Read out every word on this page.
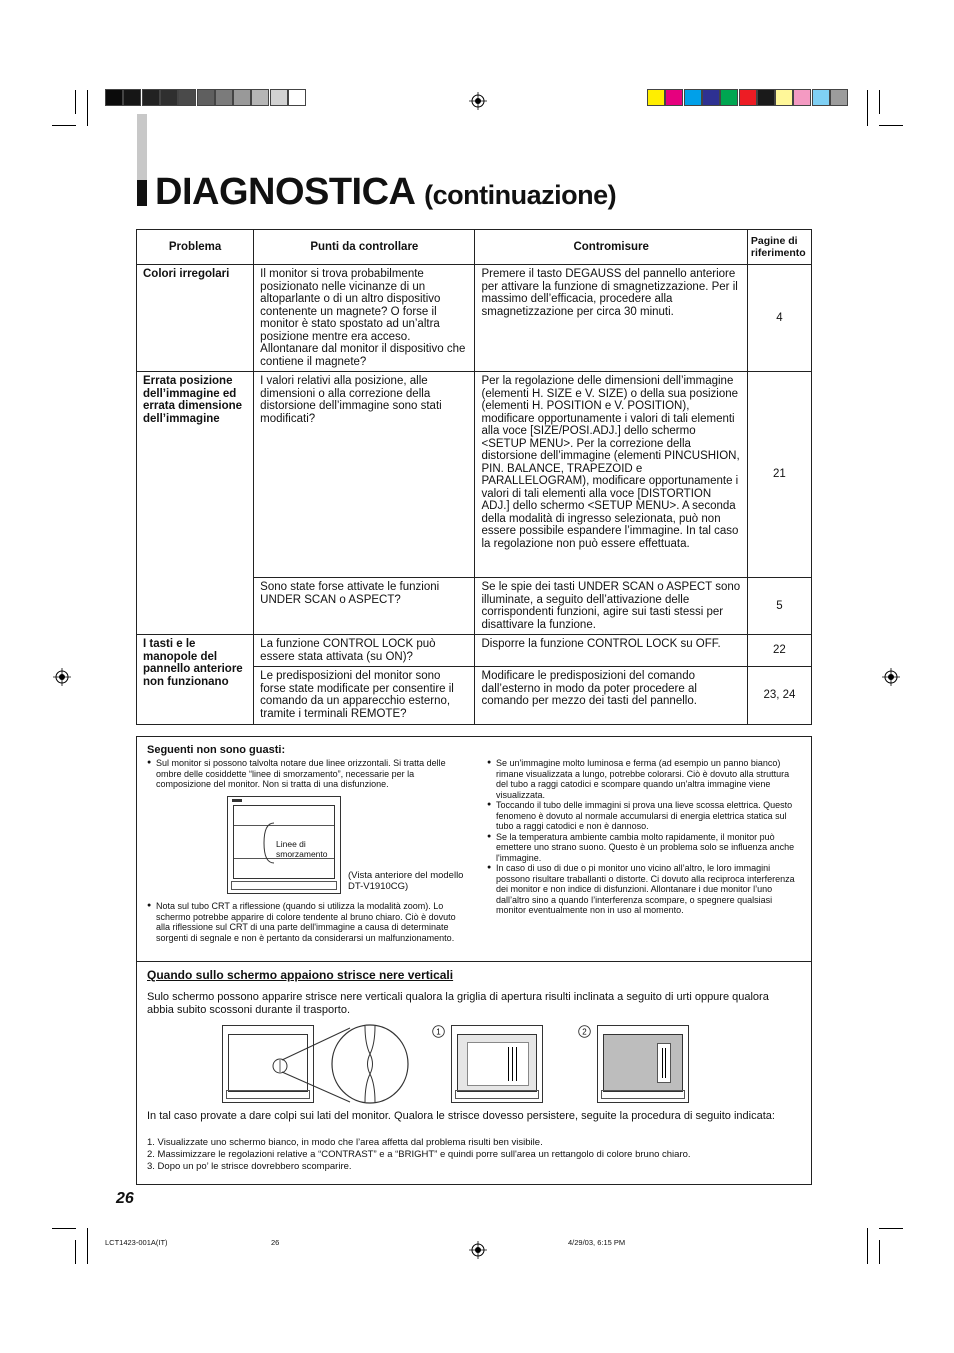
DIAGNOSTICA (continuazione)
Problema	Punti da controllare	Contromisure	Pagine di riferimento
Colori irregolari	Il monitor si trova probabilmente posizionato nelle vicinanze di un altoparlante o di un altro dispositivo contenente un magnete? O forse il monitor è stato spostato ad un’altra posizione mentre era acceso. Allontanare dal monitor il dispositivo che contiene il magnete?	Premere il tasto DEGAUSS del pannello anteriore per attivare la funzione di smagnetizzazione. Per il massimo dell’efficacia, procedere alla smagnetizzazione per circa 30 minuti.	4
Errata posizione dell’immagine ed errata dimensione dell’immagine	I valori relativi alla posizione, alle dimensioni o alla correzione della distorsione dell’immagine sono stati modificati?	Per la regolazione delle dimensioni dell’immagine (elementi H. SIZE e V. SIZE) o della sua posizione (elementi H. POSITION e V. POSITION), modificare opportunamente i valori di tali elementi alla voce [SIZE/POSI.ADJ.] dello schermo <SETUP MENU>. Per la correzione della distorsione dell’immagine (elementi PINCUSHION, PIN. BALANCE, TRAPEZOID e PARALLELOGRAM), modificare opportunamente i valori di tali elementi alla voce [DISTORTION ADJ.] dello schermo <SETUP MENU>. A seconda della modalità di ingresso selezionata, può non essere possibile espandere l’immagine. In tal caso la regolazione non può essere effettuata.	21
	Sono state forse attivate le funzioni UNDER SCAN o ASPECT?	Se le spie dei tasti UNDER SCAN o ASPECT sono illuminate, a seguito dell’attivazione delle corrispondenti funzioni, agire sui tasti stessi per disattivare la funzione.	5
I tasti e le manopole del pannello anteriore non funzionano	La funzione CONTROL LOCK può essere stata attivata (su ON)?	Disporre la funzione CONTROL LOCK su OFF.	22
	Le predisposizioni del monitor sono forse state modificate per consentire il comando da un apparecchio esterno, tramite i terminali REMOTE?	Modificare le predisposizioni del comando dall’esterno in modo da poter procedere al comando per mezzo dei tasti del pannello.	23, 24
Seguenti non sono guasti:
● Sul monitor si possono talvolta notare due linee orizzontali. Si tratta delle ombre delle cosiddette “linee di smorzamento”, necessarie per la composizione del monitor. Non si tratta di una disfunzione.
● Nota sul tubo CRT a riflessione (quando si utilizza la modalità zoom). Lo schermo potrebbe apparire di colore tendente al bruno chiaro. Ciò è dovuto alla riflessione sul CRT di una parte dell'immagine a causa di determinate sorgenti di segnale e non è pertanto da considerarsi un malfunzionamento.
Linee di smorzamento
(Vista anteriore del modello DT-V1910CG)
● Se un'immagine molto luminosa e ferma (ad esempio un panno bianco) rimane visualizzata a lungo, potrebbe colorarsi. Ciò è dovuto alla struttura del tubo a raggi catodici e scompare quando un'altra immagine viene visualizzata.
● Toccando il tubo delle immagini si prova una lieve scossa elettrica. Questo fenomeno è dovuto al normale accumularsi di energia elettrica statica sul tubo a raggi catodici e non è dannoso.
● Se la temperatura ambiente cambia molto rapidamente, il monitor può emettere uno strano suono. Questo è un problema solo se influenza anche l'immagine.
● In caso di uso di due o pi monitor uno vicino all’altro, le loro immagini possono risultare traballanti o distorte. Ci dovuto alla reciproca interferenza dei monitor e non indice di disfunzioni. Allontanare i due monitor l’uno dall’altro sino a quando l’interferenza scompare, o spegnere qualsiasi monitor eventualmente non in uso al momento.
Quando sullo schermo appaiono strisce nere verticali
Sulo schermo possono apparire strisce nere verticali qualora la griglia di apertura risulti inclinata a seguito di urti oppure qualora abbia subito scossoni durante il trasporto.
1	2
In tal caso provate a dare colpi sui lati del monitor. Qualora le strisce dovesso persistere, seguite la procedura di seguito indicata:
1. Visualizzate uno schermo bianco, in modo che l’area affetta dal problema risulti ben visibile.
2. Massimizzare le regolazioni relative a “CONTRAST” e a “BRIGHT” e quindi porre sull'area un rettangolo di colore bruno chiaro.
3. Dopo un po’ le strisce dovrebbero scomparire.
26
LCT1423-001A(IT)	26	4/29/03, 6:15 PM
